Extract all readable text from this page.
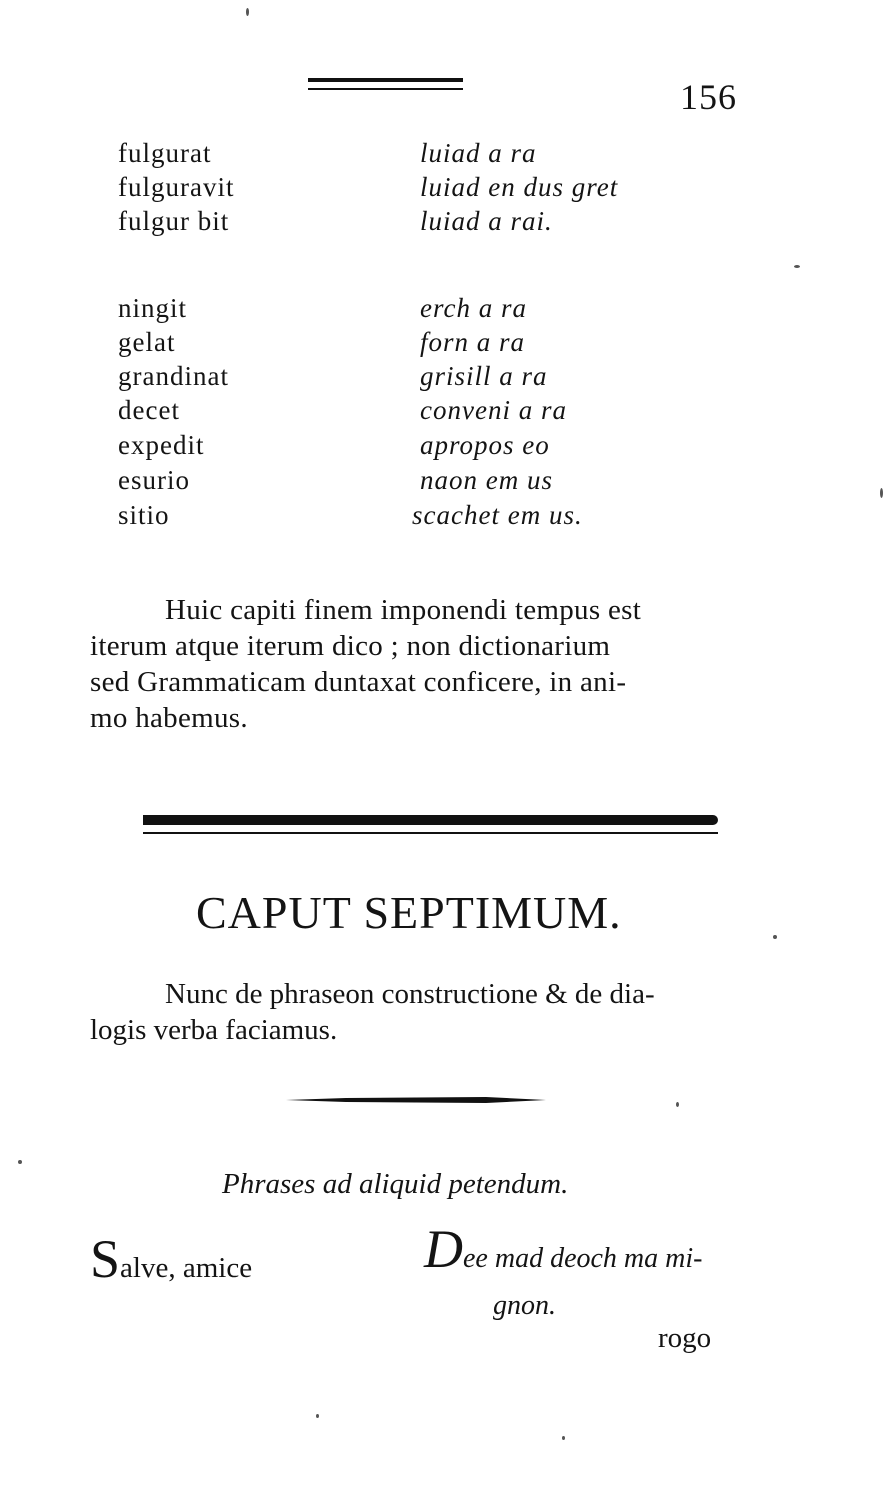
156
fulgurat	luiad a ra
fulguravit	luiad en dus gret
fulgur bit	luiad a rai.
ningit	erch a ra
gelat	forn a ra
grandinat	grisill a ra
decet	conveni a ra
expedit	apropos eo
esurio	naon em us
sitio	scachet em us.
Huic capiti finem imponendi tempus est
iterum atque iterum dico ; non dictionarium
sed Grammaticam duntaxat conficere, in ani-
mo habemus.
CAPUT SEPTIMUM.
Nunc de phraseon constructione & de dia-
logis verba faciamus.
Phrases ad aliquid petendum.
Salve, amice	Dee mad deoch ma mi-
gnon.
rogo
